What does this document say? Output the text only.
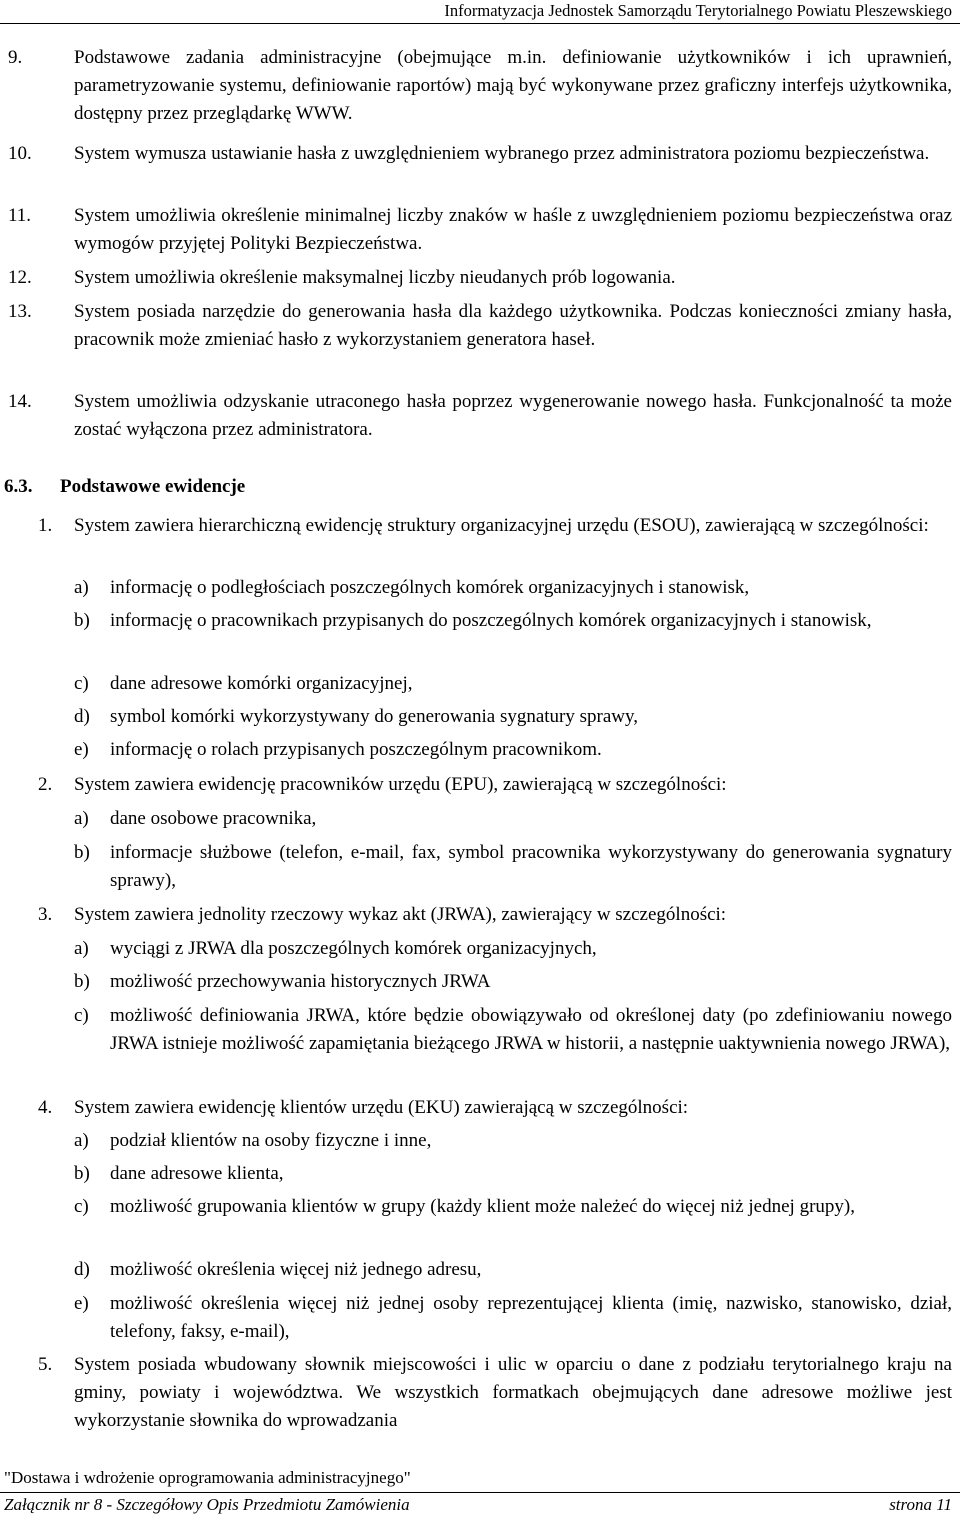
Informatyzacja Jednostek Samorządu Terytorialnego Powiatu Pleszewskiego
9.	Podstawowe zadania administracyjne (obejmujące m.in. definiowanie użytkowników i ich uprawnień, parametryzowanie systemu, definiowanie raportów) mają być wykonywane przez graficzny interfejs użytkownika, dostępny przez przeglądarkę WWW.
10.	System wymusza ustawianie hasła z uwzględnieniem wybranego przez administratora poziomu bezpieczeństwa.
11.	System umożliwia określenie minimalnej liczby znaków w haśle z uwzględnieniem poziomu bezpieczeństwa oraz wymogów przyjętej Polityki Bezpieczeństwa.
12.	System umożliwia określenie maksymalnej liczby nieudanych prób logowania.
13.	System posiada narzędzie do generowania hasła dla każdego użytkownika. Podczas konieczności zmiany hasła, pracownik może zmieniać hasło z wykorzystaniem generatora haseł.
14.	System umożliwia odzyskanie utraconego hasła poprzez wygenerowanie nowego hasła. Funkcjonalność ta może zostać wyłączona przez administratora.
6.3. Podstawowe ewidencje
1.	System zawiera hierarchiczną ewidencję struktury organizacyjnej urzędu (ESOU), zawierającą w szczególności:
a) informację o podległościach poszczególnych komórek organizacyjnych i stanowisk,
b) informację o pracownikach przypisanych do poszczególnych komórek organizacyjnych i stanowisk,
c) dane adresowe komórki organizacyjnej,
d) symbol komórki wykorzystywany do generowania sygnatury sprawy,
e) informację o rolach przypisanych poszczególnym pracownikom.
2.	System zawiera ewidencję pracowników urzędu (EPU), zawierającą w szczególności:
a) dane osobowe pracownika,
b) informacje służbowe (telefon, e-mail, fax, symbol pracownika wykorzystywany do generowania sygnatury sprawy),
3.	System zawiera jednolity rzeczowy wykaz akt (JRWA), zawierający w szczególności:
a) wyciągi z JRWA dla poszczególnych komórek organizacyjnych,
b) możliwość przechowywania historycznych JRWA
c) możliwość definiowania JRWA, które będzie obowiązywało od określonej daty (po zdefiniowaniu nowego JRWA istnieje możliwość zapamiętania bieżącego JRWA w historii, a następnie uaktywnienia nowego JRWA),
4.	System zawiera ewidencję klientów urzędu (EKU) zawierającą w szczególności:
a) podział klientów na osoby fizyczne i inne,
b) dane adresowe klienta,
c) możliwość grupowania klientów w grupy (każdy klient może należeć do więcej niż jednej grupy),
d) możliwość określenia więcej niż jednego adresu,
e) możliwość określenia więcej niż jednej osoby reprezentującej klienta (imię, nazwisko, stanowisko, dział, telefony, faksy, e-mail),
5.	System posiada wbudowany słownik miejscowości i ulic w oparciu o dane z podziału terytorialnego kraju na gminy, powiaty i województwa. We wszystkich formatkach obejmujących dane adresowe możliwe jest wykorzystanie słownika do wprowadzania
"Dostawa i wdrożenie oprogramowania administracyjnego"
Załącznik nr 8 - Szczegółowy Opis Przedmiotu Zamówienia	strona 11
